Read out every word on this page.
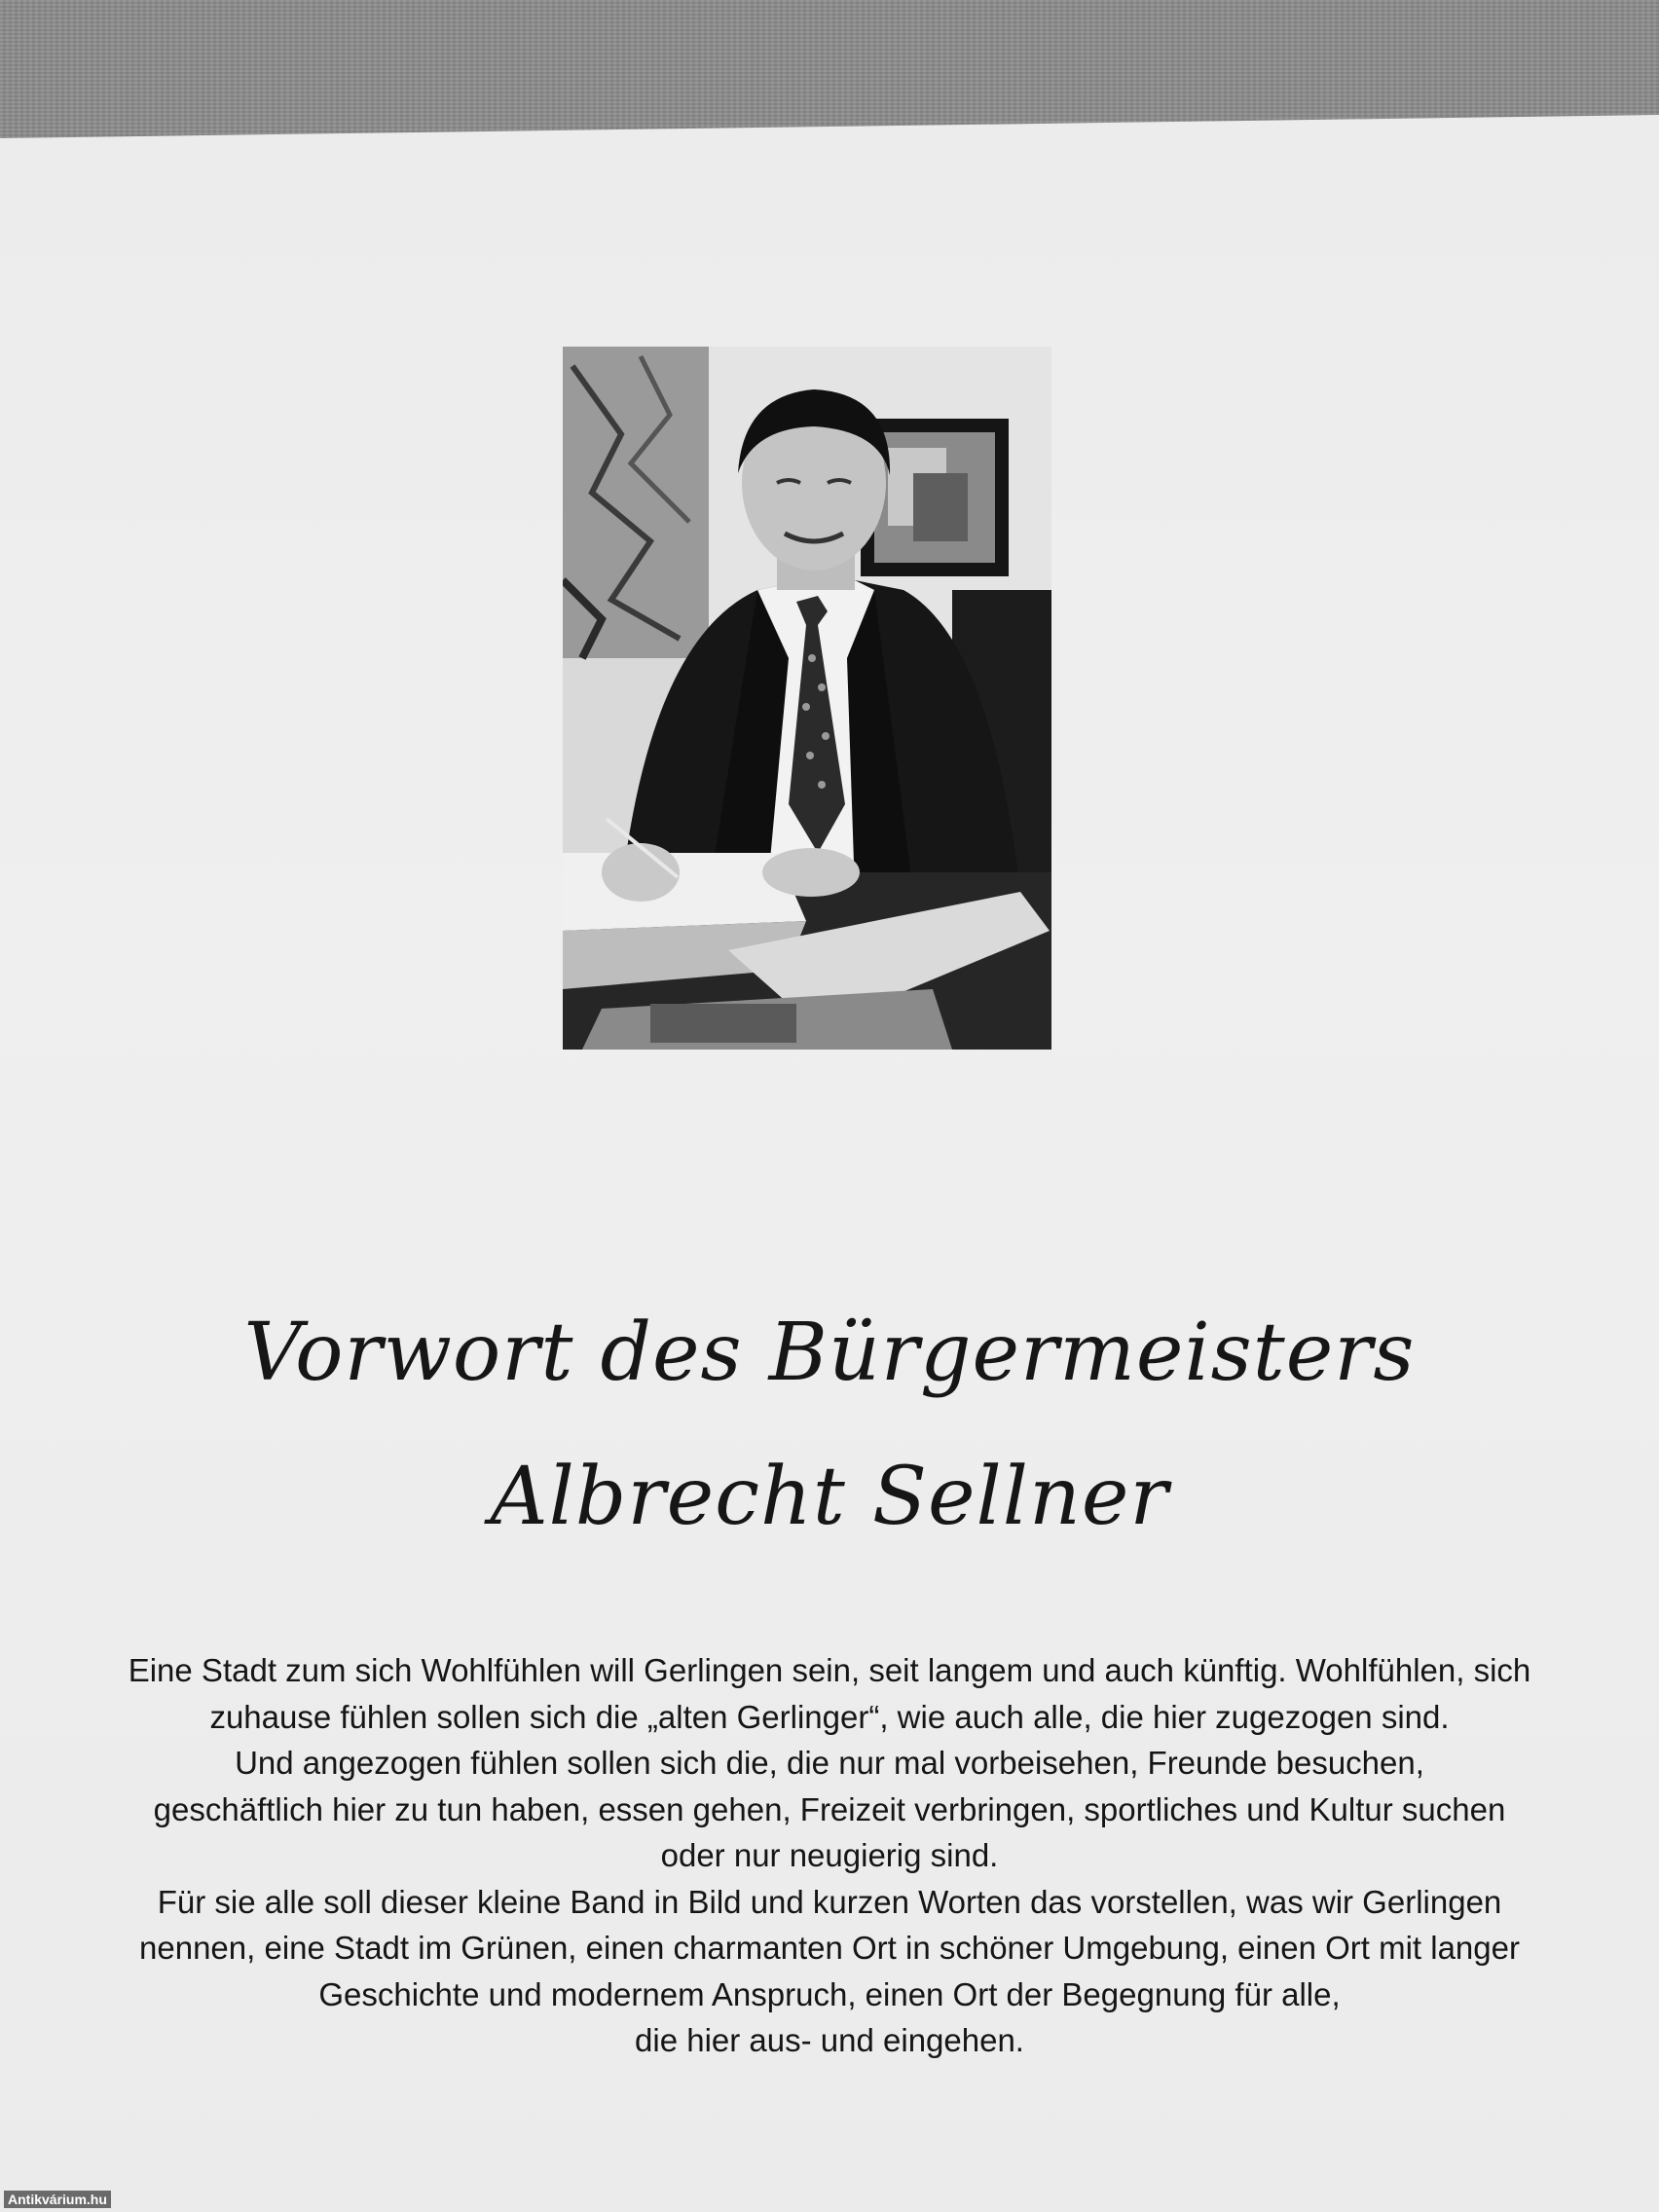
Vorwort des Bürgermeisters
Albrecht Sellner
Eine Stadt zum sich Wohlfühlen will Gerlingen sein, seit langem und auch künftig. Wohlfühlen, sich
zuhause fühlen sollen sich die „alten Gerlinger“, wie auch alle, die hier zugezogen sind.
Und angezogen fühlen sollen sich die, die nur mal vorbeisehen, Freunde besuchen,
geschäftlich hier zu tun haben, essen gehen, Freizeit verbringen, sportliches und Kultur suchen
oder nur neugierig sind.
Für sie alle soll dieser kleine Band in Bild und kurzen Worten das vorstellen, was wir Gerlingen
nennen, eine Stadt im Grünen, einen charmanten Ort in schöner Umgebung, einen Ort mit langer
Geschichte und modernem Anspruch, einen Ort der Begegnung für alle,
die hier aus- und eingehen.
Antikvárium.hu
